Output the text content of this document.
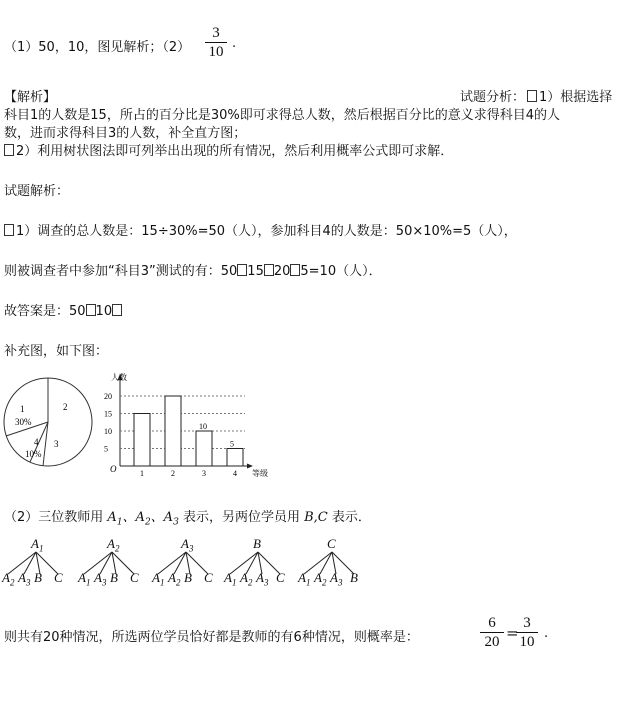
（1）50，10，图见解析；$(2) \frac{3}{10}$ .
【解析】	试题分析： 1）根据选择
科目1的人数是15，所占的百分比是30%即可求得总人数，然后根据百分比的意义求得科目4的人
数，进而求得科目3的人数，补全直方图；
2）利用树状图法即可列举出出现的所有情况，然后利用概率公式即可求解．
试题解析：
1）调查的总人数是：15÷30%=50（人），参加科目4的人数是：50×10%=5（人），
则被调查者中参加“科目3”测试的有：50 15 20 5=10（人）．
故答案是：50 10
补充图，如下图：
1
30%
2
3
4
10%
人数
等级
O
5
10
15
20
1	2	3
10
4
5
（2）三位教师用 $A_1$、$A_2$、$A_3$ 表示，另两位学员用 B,C 表示．
$A_1$
$A_2$ $A_3$ B C
$A_2$
$A_1$ $A_3$ B C
$A_3$
$A_1$ $A_2$ B C
B
$A_1$ $A_2$ $A_3$ C
C
$A_1$ $A_2$ $A_3$ B
则共有20种情况，所选两位学员恰好都是教师的有6种情况，则概率是：	$\frac{6}{20}$ =
$\frac{3}{10}$ .
